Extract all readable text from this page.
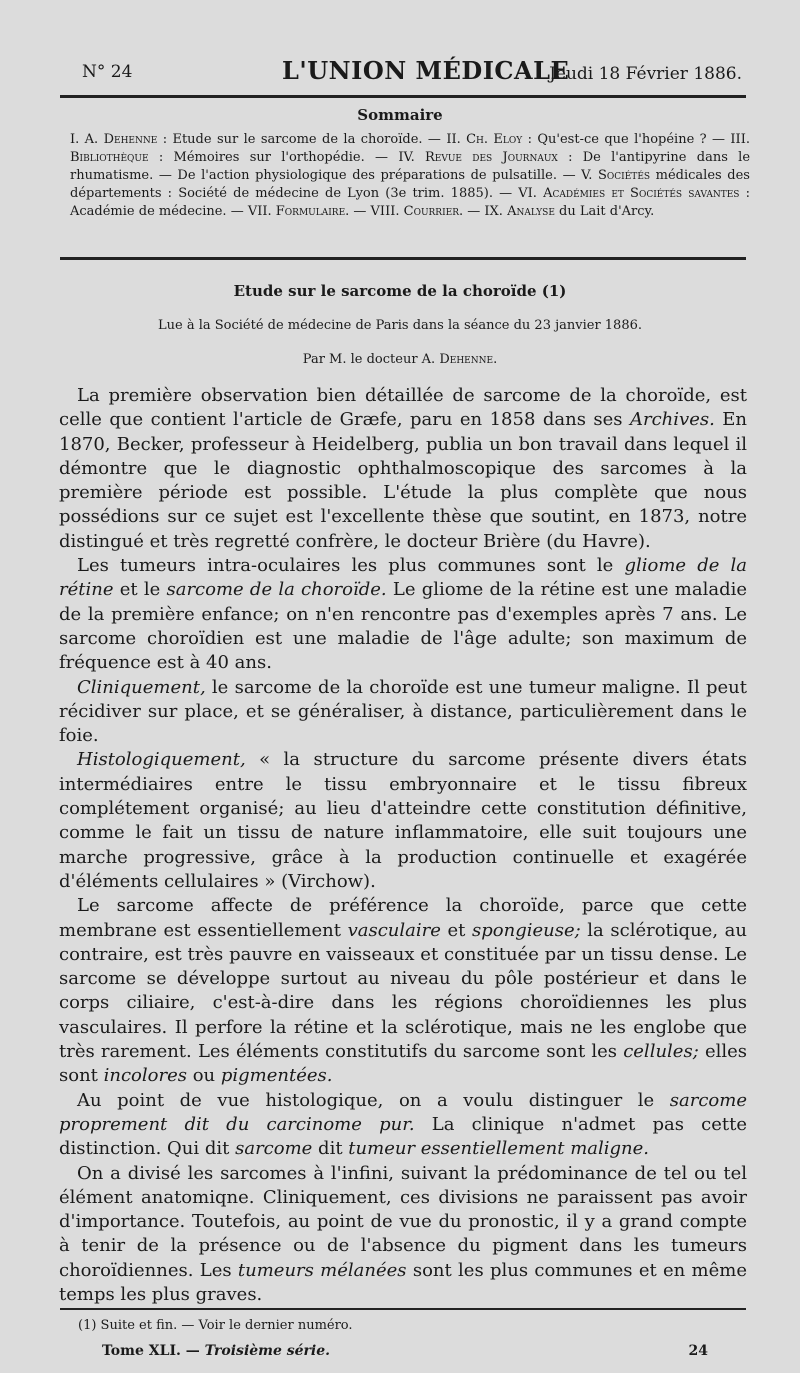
N° 24	L'UNION MÉDICALE
Jeudi 18 Février 1886.
Sommaire
I. A. Dehenne : Etude sur le sarcome de la choroïde. — II. Ch. Eloy : Qu'est-ce que l'hopéine ? — III. Bibliothèque : Mémoires sur l'orthopédie. — IV. Revue des Journaux : De l'antipyrine dans le rhumatisme. — De l'action physiologique des préparations de pulsatille. — V. Sociétés médicales des départements : Société de médecine de Lyon (3e trim. 1885). — VI. Académies et Sociétés savantes : Académie de médecine. — VII. Formulaire. — VIII. Courrier. — IX. Analyse du Lait d'Arcy.
Etude sur le sarcome de la choroïde (1)
Lue à la Société de médecine de Paris dans la séance du 23 janvier 1886.
Par M. le docteur A. Dehenne.

La première observation bien détaillée de sarcome de la choroïde, est celle que contient l'article de Græfe, paru en 1858 dans ses Archives. En 1870, Becker, professeur à Heidelberg, publia un bon travail dans lequel il démontre que le diagnostic ophthalmoscopique des sarcomes à la première période est possible. L'étude la plus complète que nous possédions sur ce sujet est l'excellente thèse que soutint, en 1873, notre distingué et très regretté confrère, le docteur Brière (du Havre).

Les tumeurs intra-oculaires les plus communes sont le gliome de la rétine et le sarcome de la choroïde. Le gliome de la rétine est une maladie de la première enfance; on n'en rencontre pas d'exemples après 7 ans. Le sarcome choroïdien est une maladie de l'âge adulte; son maximum de fréquence est à 40 ans.

Cliniquement, le sarcome de la choroïde est une tumeur maligne. Il peut récidiver sur place, et se généraliser, à distance, particulièrement dans le foie.

Histologiquement, « la structure du sarcome présente divers états intermédiaires entre le tissu embryonnaire et le tissu fibreux complétement organisé; au lieu d'atteindre cette constitution définitive, comme le fait un tissu de nature inflammatoire, elle suit toujours une marche progressive, grâce à la production continuelle et exagérée d'éléments cellulaires » (Virchow).

Le sarcome affecte de préférence la choroïde, parce que cette membrane est essentiellement vasculaire et spongieuse; la sclérotique, au contraire, est très pauvre en vaisseaux et constituée par un tissu dense. Le sarcome se développe surtout au niveau du pôle postérieur et dans le corps ciliaire, c'est-à-dire dans les régions choroïdiennes les plus vasculaires. Il perfore la rétine et la sclérotique, mais ne les englobe que très rarement. Les éléments constitutifs du sarcome sont les cellules; elles sont incolores ou pigmentées.

Au point de vue histologique, on a voulu distinguer le sarcome proprement dit du carcinome pur. La clinique n'admet pas cette distinction. Qui dit sarcome dit tumeur essentiellement maligne.

On a divisé les sarcomes à l'infini, suivant la prédominance de tel ou tel élément anatomiqne. Cliniquement, ces divisions ne paraissent pas avoir d'importance. Toutefois, au point de vue du pronostic, il y a grand compte à tenir de la présence ou de l'absence du pigment dans les tumeurs choroïdiennes. Les tumeurs mélanées sont les plus communes et en même temps les plus graves.

(1) Suite et fin. — Voir le dernier numéro.
Tome XLI. — Troisième série.	24
